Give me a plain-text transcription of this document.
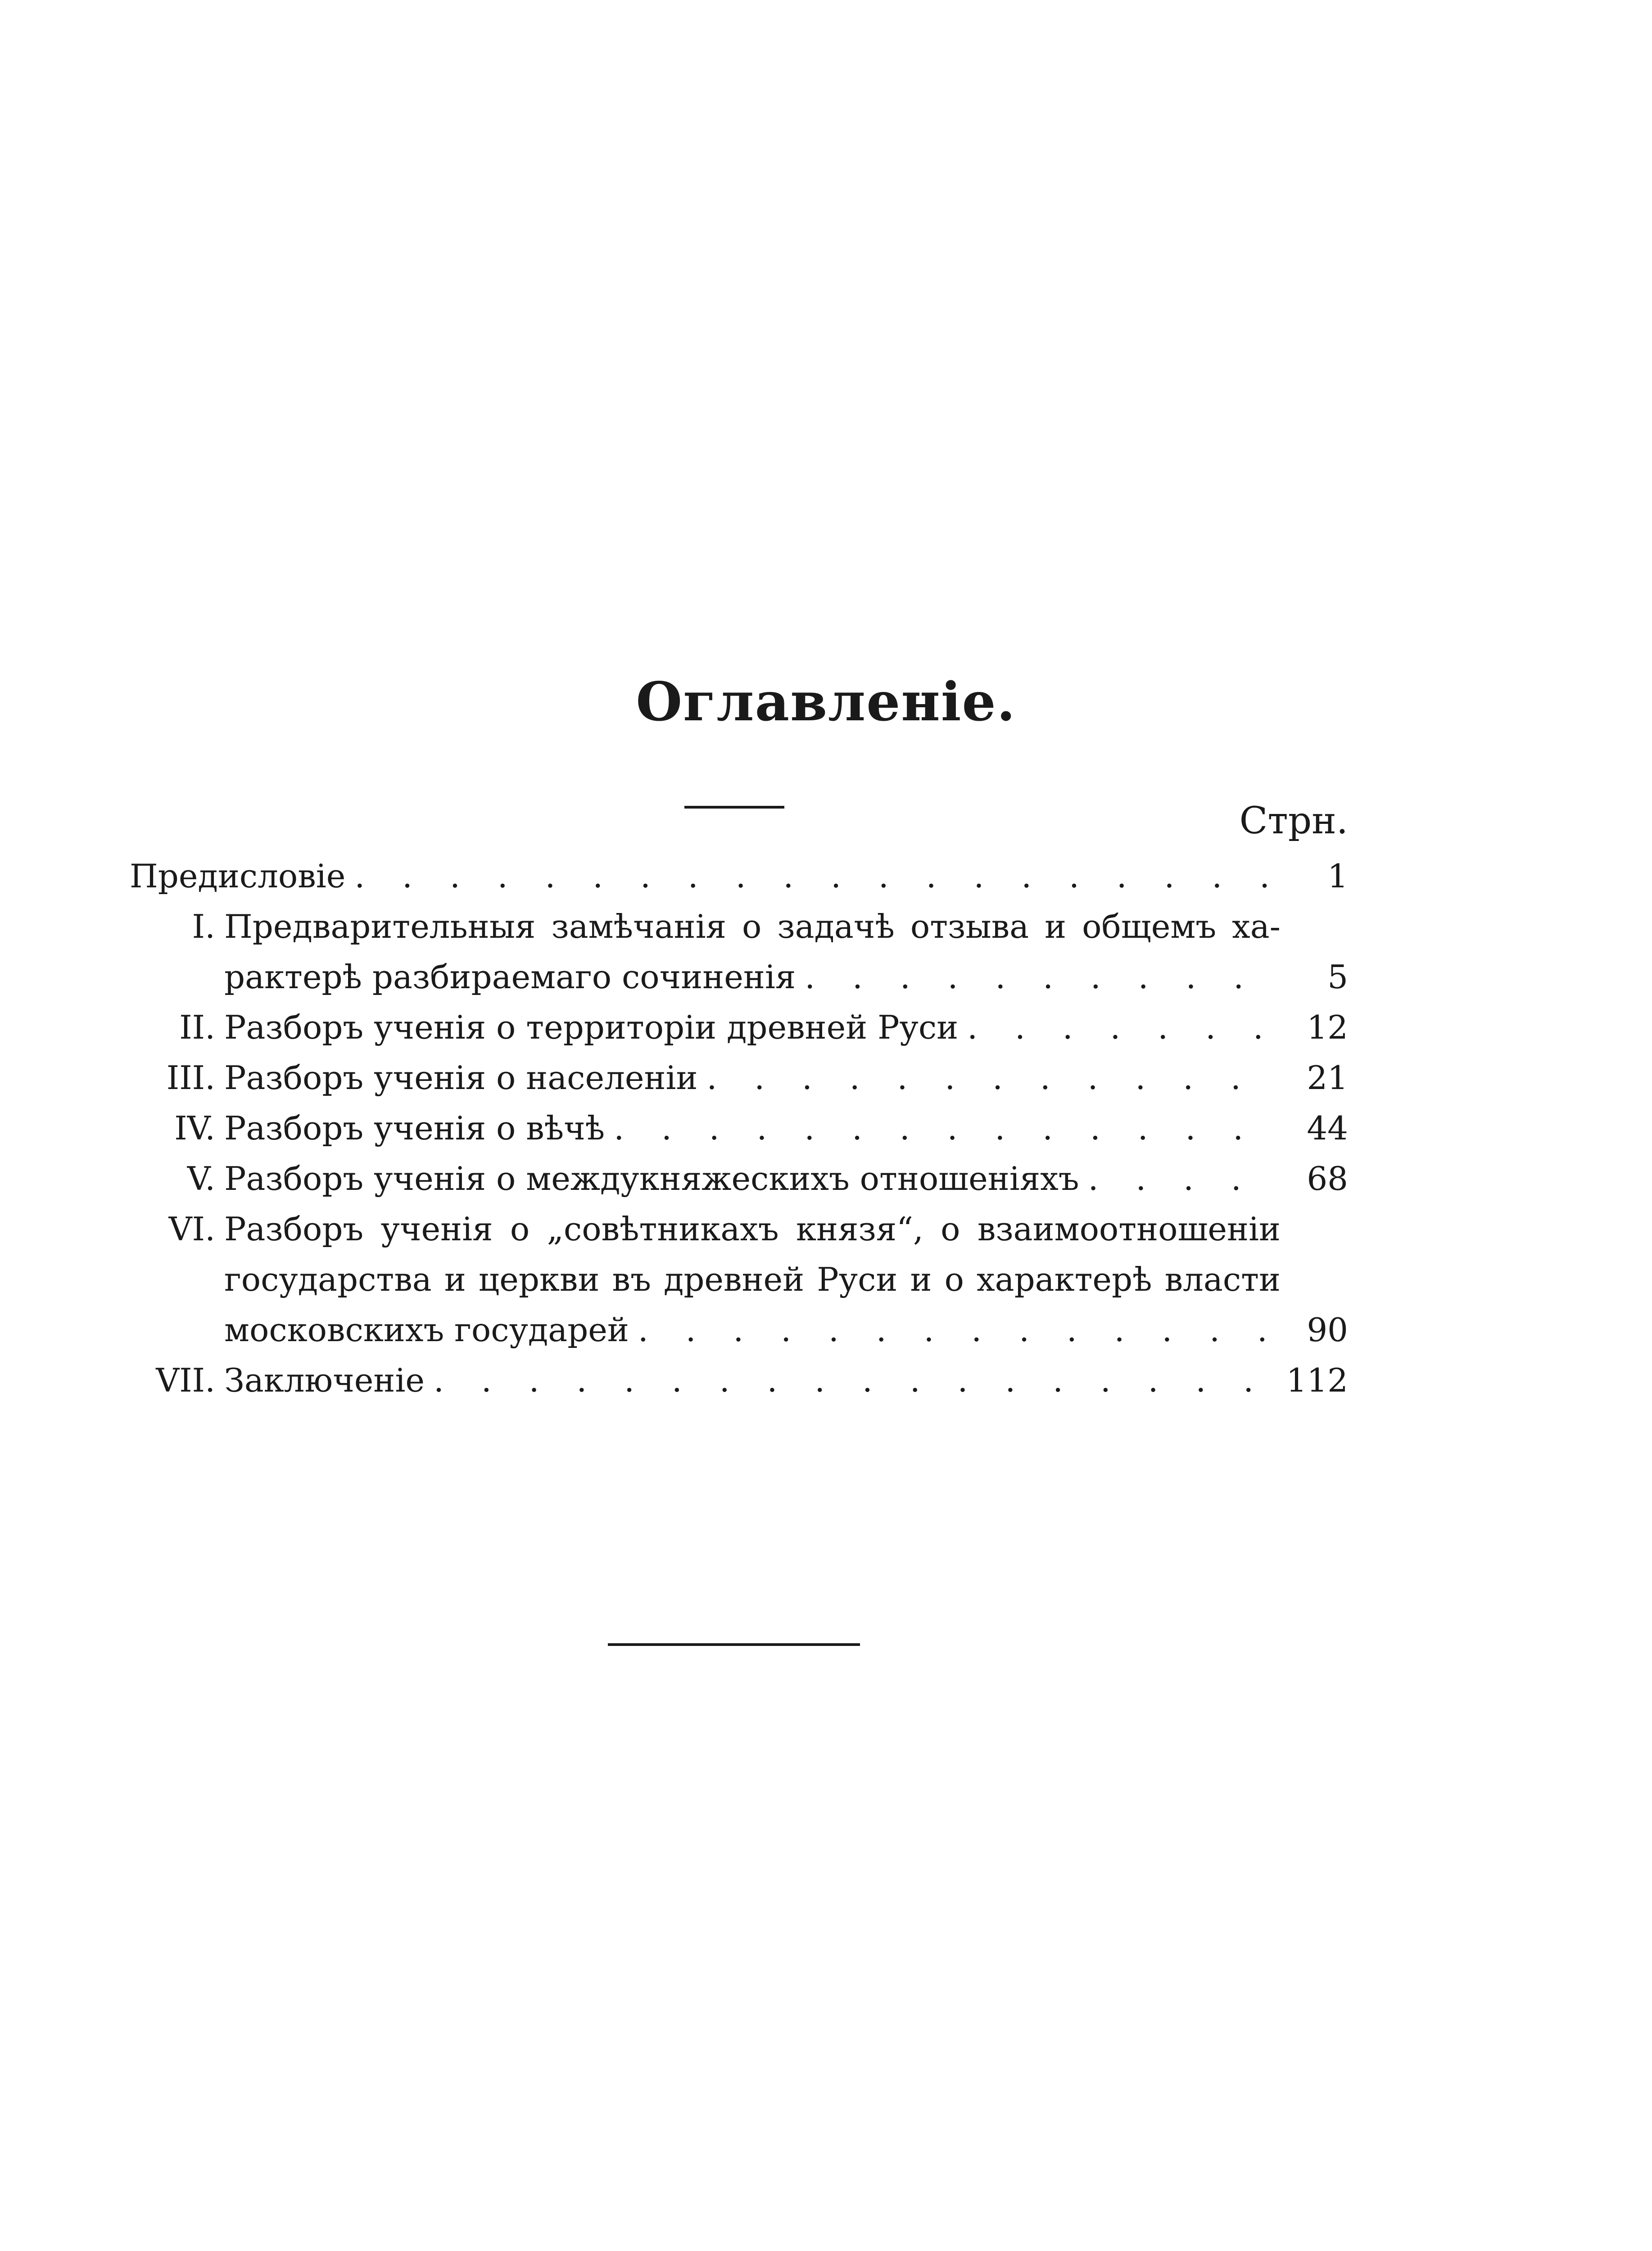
Оглавленіе.
Стрн.
Предисловіе . . .	1
I. Предварительныя замѣчанія о задачѣ отзыва и общемъ ха-
рактерѣ разбираемаго сочиненія . . .	5
II. Разборъ ученія о территоріи древней Руси . . .	12
III. Разборъ ученія о населеніи . . .	21
IV. Разборъ ученія о вѣчѣ . . .	44
V. Разборъ ученія о междукняжескихъ отношеніяхъ . . .	68
VI. Разборъ ученія о „совѣтникахъ князя“, о взаимоотношеніи
государства и церкви въ древней Руси и о характерѣ власти
московскихъ государей . . .	90
VII. Заключеніе . . .	112
